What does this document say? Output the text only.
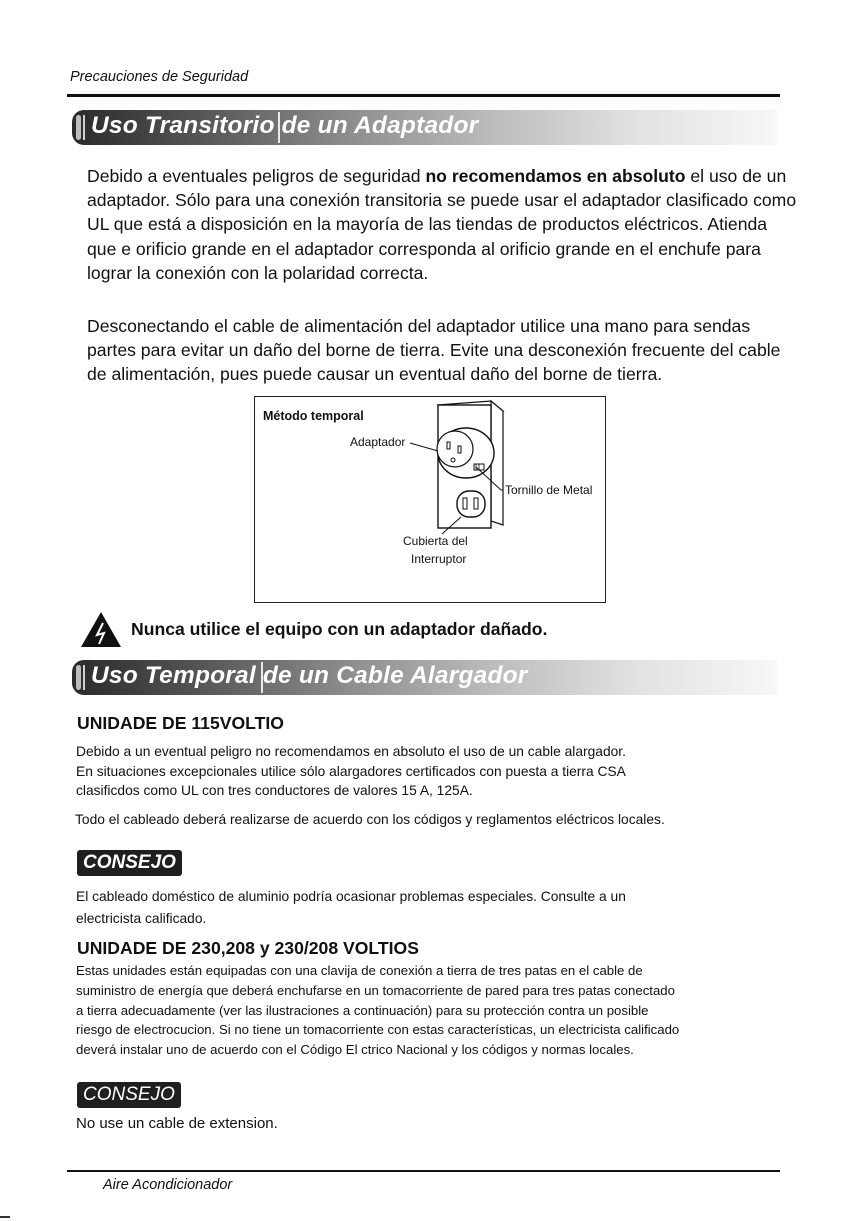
Precauciones de Seguridad
Uso Transitorio de un Adaptador
Debido a eventuales peligros de seguridad no recomendamos en absoluto el uso de un adaptador. Sólo para una conexión transitoria se puede usar el adaptador clasificado como UL que está a disposición en la mayoría de las tiendas de productos eléctricos. Atienda que e orificio grande en el adaptador corresponda al orificio grande en el enchufe para lograr la conexión con la polaridad correcta.
Desconectando el cable de alimentación del adaptador utilice una mano para sendas partes para evitar un daño del borne de tierra. Evite una desconexión frecuente del cable de alimentación, pues puede causar un eventual daño del borne de tierra.
Método temporal
Adaptador
Tornillo de Metal
Cubierta del
Interruptor
Nunca utilice el equipo con un adaptador dañado.
Uso Temporal de un Cable Alargador
UNIDADE DE 115VOLTIO

Debido a un eventual peligro no recomendamos en absoluto el uso de un cable alargador.

En situaciones excepcionales utilice sólo alargadores certificados con puesta a tierra CSA

clasificdos como UL con tres conductores de valores 15 A, 125A.

Todo el cableado deberá realizarse de acuerdo con los códigos y reglamentos eléctricos locales.

CONSEJO

El cableado doméstico de aluminio podría ocasionar problemas especiales. Consulte a un

electricista calificado.

UNIDADE DE 230,208 y 230/208 VOLTIOS

Estas unidades están equipadas con una clavija de conexión a tierra de tres patas en el cable de

suministro de energía que deberá enchufarse en un tomacorriente de pared para tres patas conectado

a tierra adecuadamente (ver las ilustraciones a continuación) para su protección contra un posible

riesgo de electrocucion. Si no tiene un tomacorriente con estas características, un electricista calificado

deverá instalar uno de acuerdo con el Código El ctrico Nacional y los códigos y normas locales.

CONSEJO

No use un cable de extension.

Aire Acondicionador
